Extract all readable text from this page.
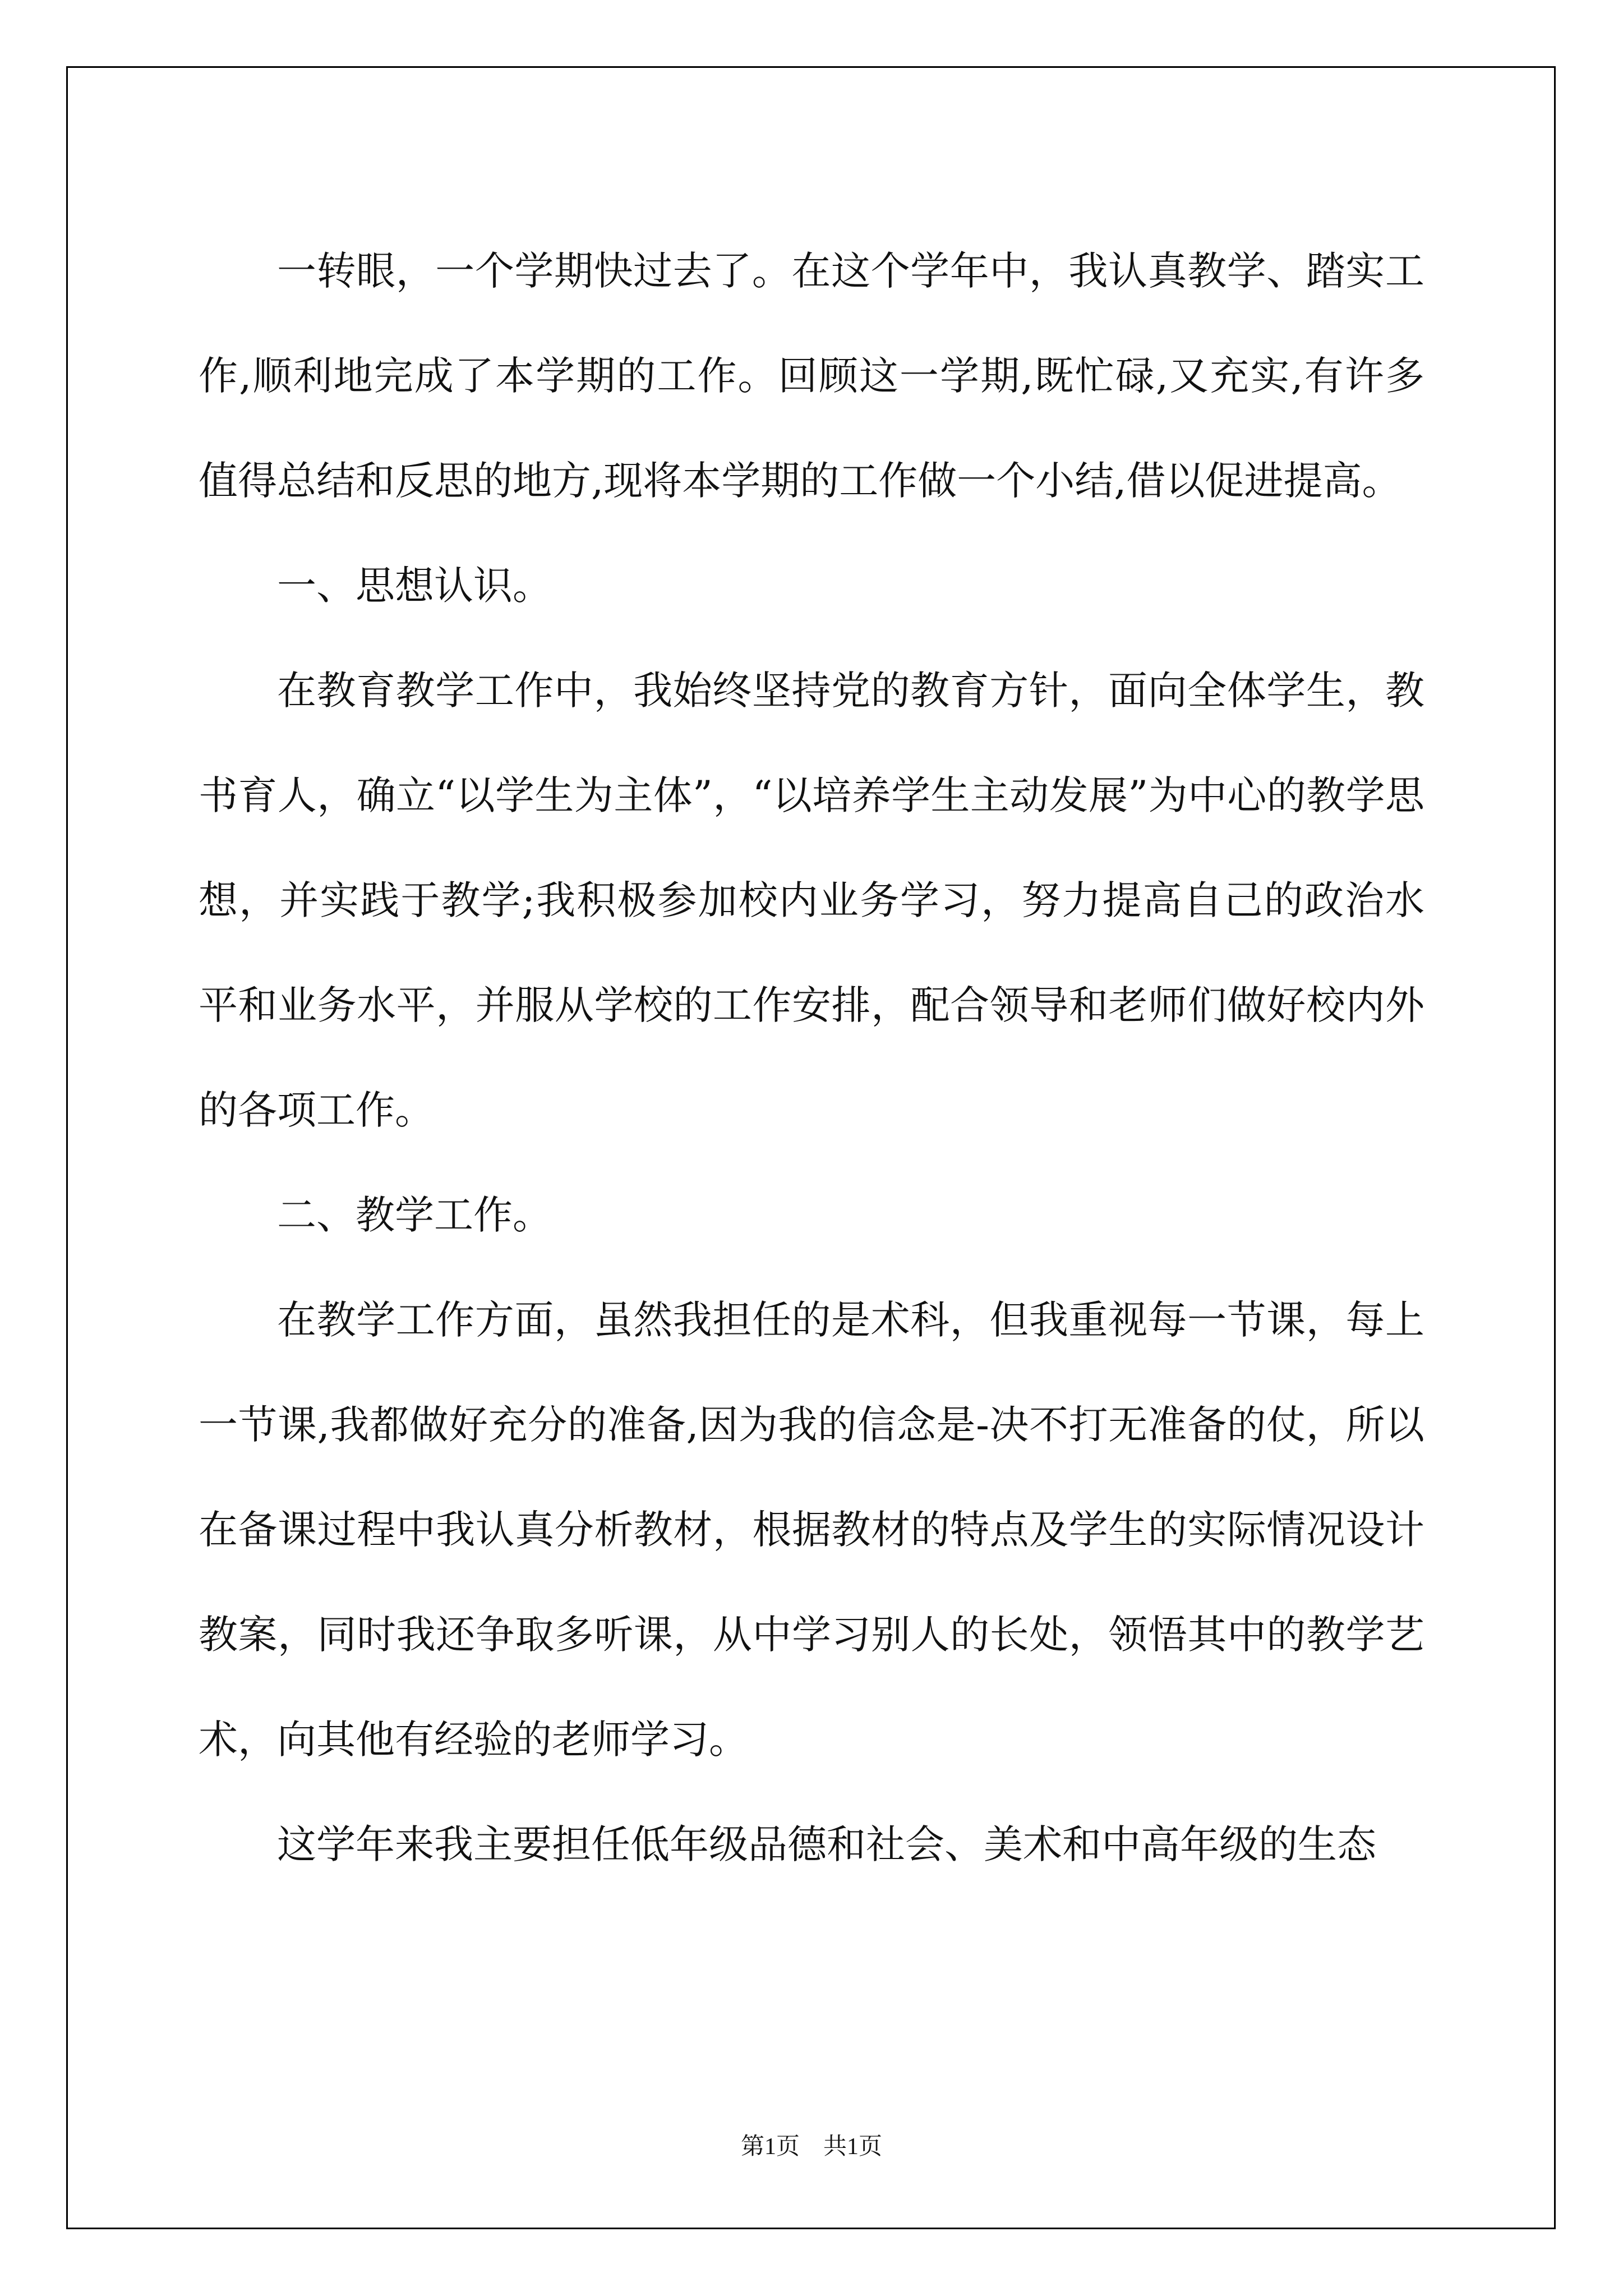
一转眼，一个学期快过去了。在这个学年中，我认真教学、踏实工作,顺利地完成了本学期的工作。回顾这一学期,既忙碌,又充实,有许多值得总结和反思的地方,现将本学期的工作做一个小结,借以促进提高。

一、思想认识。

在教育教学工作中，我始终坚持党的教育方针，面向全体学生，教书育人，确立“以学生为主体”，“以培养学生主动发展”为中心的教学思想，并实践于教学;我积极参加校内业务学习，努力提高自己的政治水平和业务水平，并服从学校的工作安排，配合领导和老师们做好校内外的各项工作。

二、教学工作。

在教学工作方面，虽然我担任的是术科，但我重视每一节课，每上一节课,我都做好充分的准备,因为我的信念是-决不打无准备的仗，所以在备课过程中我认真分析教材，根据教材的特点及学生的实际情况设计教案，同时我还争取多听课，从中学习别人的长处，领悟其中的教学艺术，向其他有经验的老师学习。

这学年来我主要担任低年级品德和社会、美术和中高年级的生态

第1页　共1页
